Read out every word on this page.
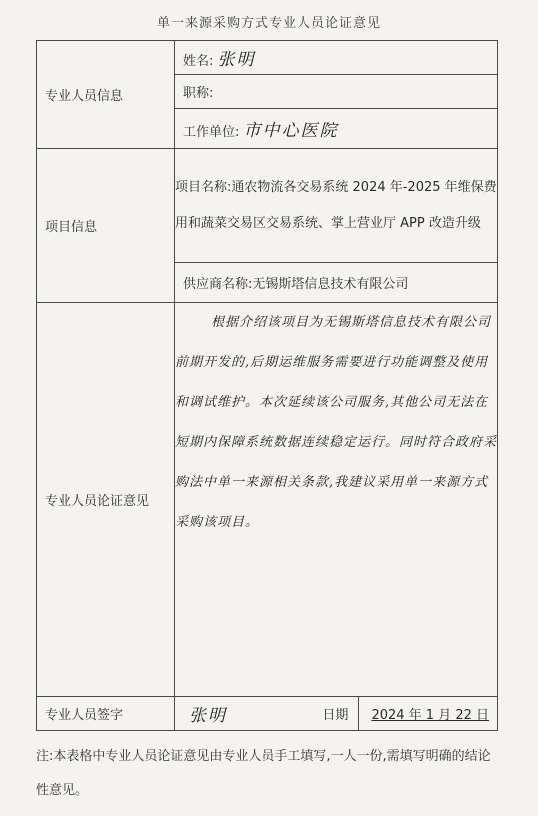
单一来源采购方式专业人员论证意见
专业人员信息	姓名: 张明
	职称:
	工作单位: 市中心医院
项目信息	项目名称:通农物流各交易系统 2024 年-2025 年维保费用和蔬菜交易区交易系统、掌上营业厅 APP 改造升级
	供应商名称:无锡斯塔信息技术有限公司
专业人员论证意见	根据介绍该项目为无锡斯塔信息技术有限公司前期开发的,后期运维服务需要进行功能调整及使用和调试维护。本次延续该公司服务,其他公司无法在短期内保障系统数据连续稳定运行。同时符合政府采购法中单一来源相关条款,我建议采用单一来源方式采购该项目。
专业人员签字	张明 日期 2024 年 1 月 22 日
注:本表格中专业人员论证意见由专业人员手工填写,一人一份,需填写明确的结论性意见。
